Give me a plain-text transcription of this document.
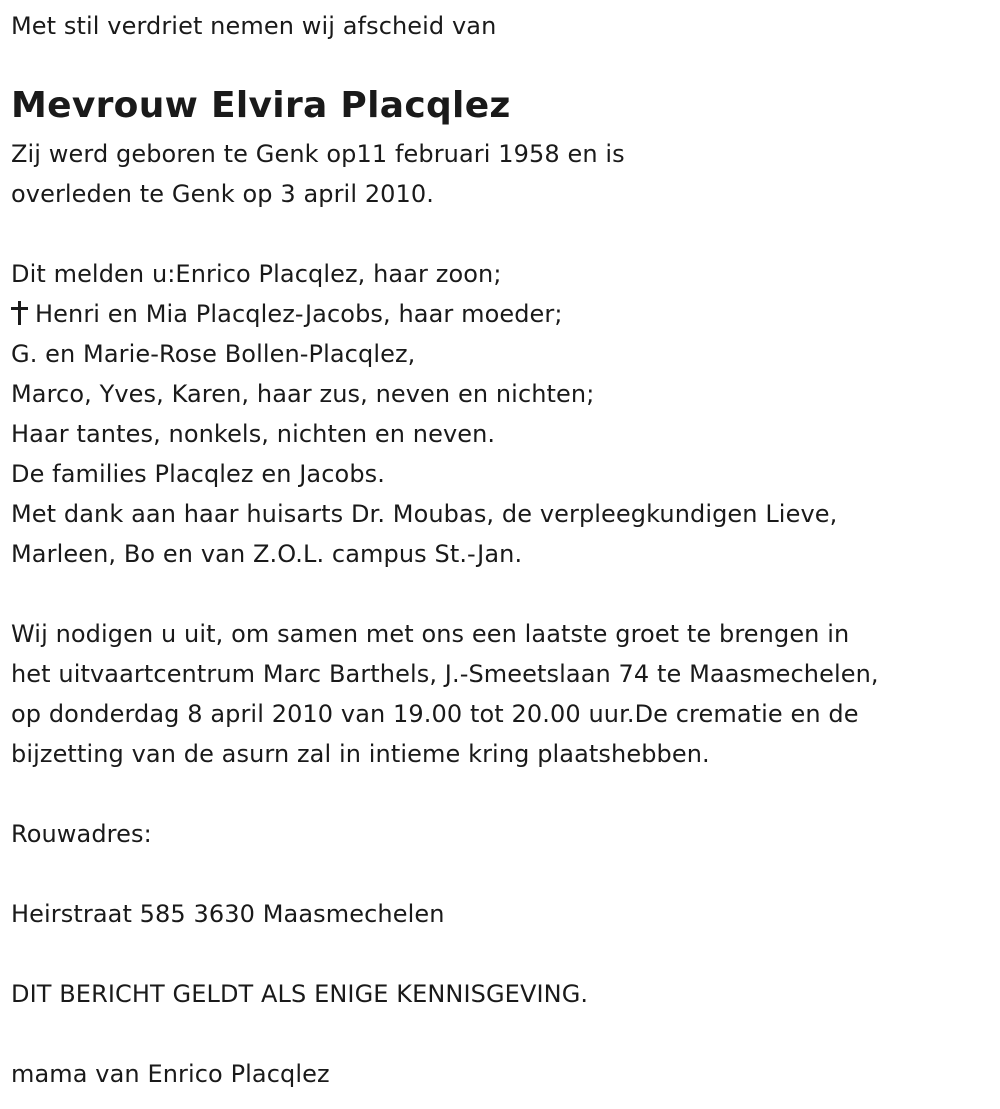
Met stil verdriet nemen wij afscheid van
Mevrouw Elvira Placqlez
Zij werd geboren te Genk op11 februari 1958 en is
overleden te Genk op 3 april 2010.
Dit melden u:Enrico Placqlez, haar zoon;
Henri en Mia Placqlez-Jacobs, haar moeder;
G. en Marie-Rose Bollen-Placqlez,
Marco, Yves, Karen, haar zus, neven en nichten;
Haar tantes, nonkels, nichten en neven.
De families Placqlez en Jacobs.
Met dank aan haar huisarts Dr. Moubas, de verpleegkundigen Lieve,
Marleen, Bo en van Z.O.L. campus St.-Jan.
Wij nodigen u uit, om samen met ons een laatste groet te brengen in
het uitvaartcentrum Marc Barthels, J.-Smeetslaan 74 te Maasmechelen,
op donderdag 8 april 2010 van 19.00 tot 20.00 uur.De crematie en de
bijzetting van de asurn zal in intieme kring plaatshebben.
Rouwadres:
Heirstraat 585 3630 Maasmechelen
DIT BERICHT GELDT ALS ENIGE KENNISGEVING.
mama van Enrico Placqlez
